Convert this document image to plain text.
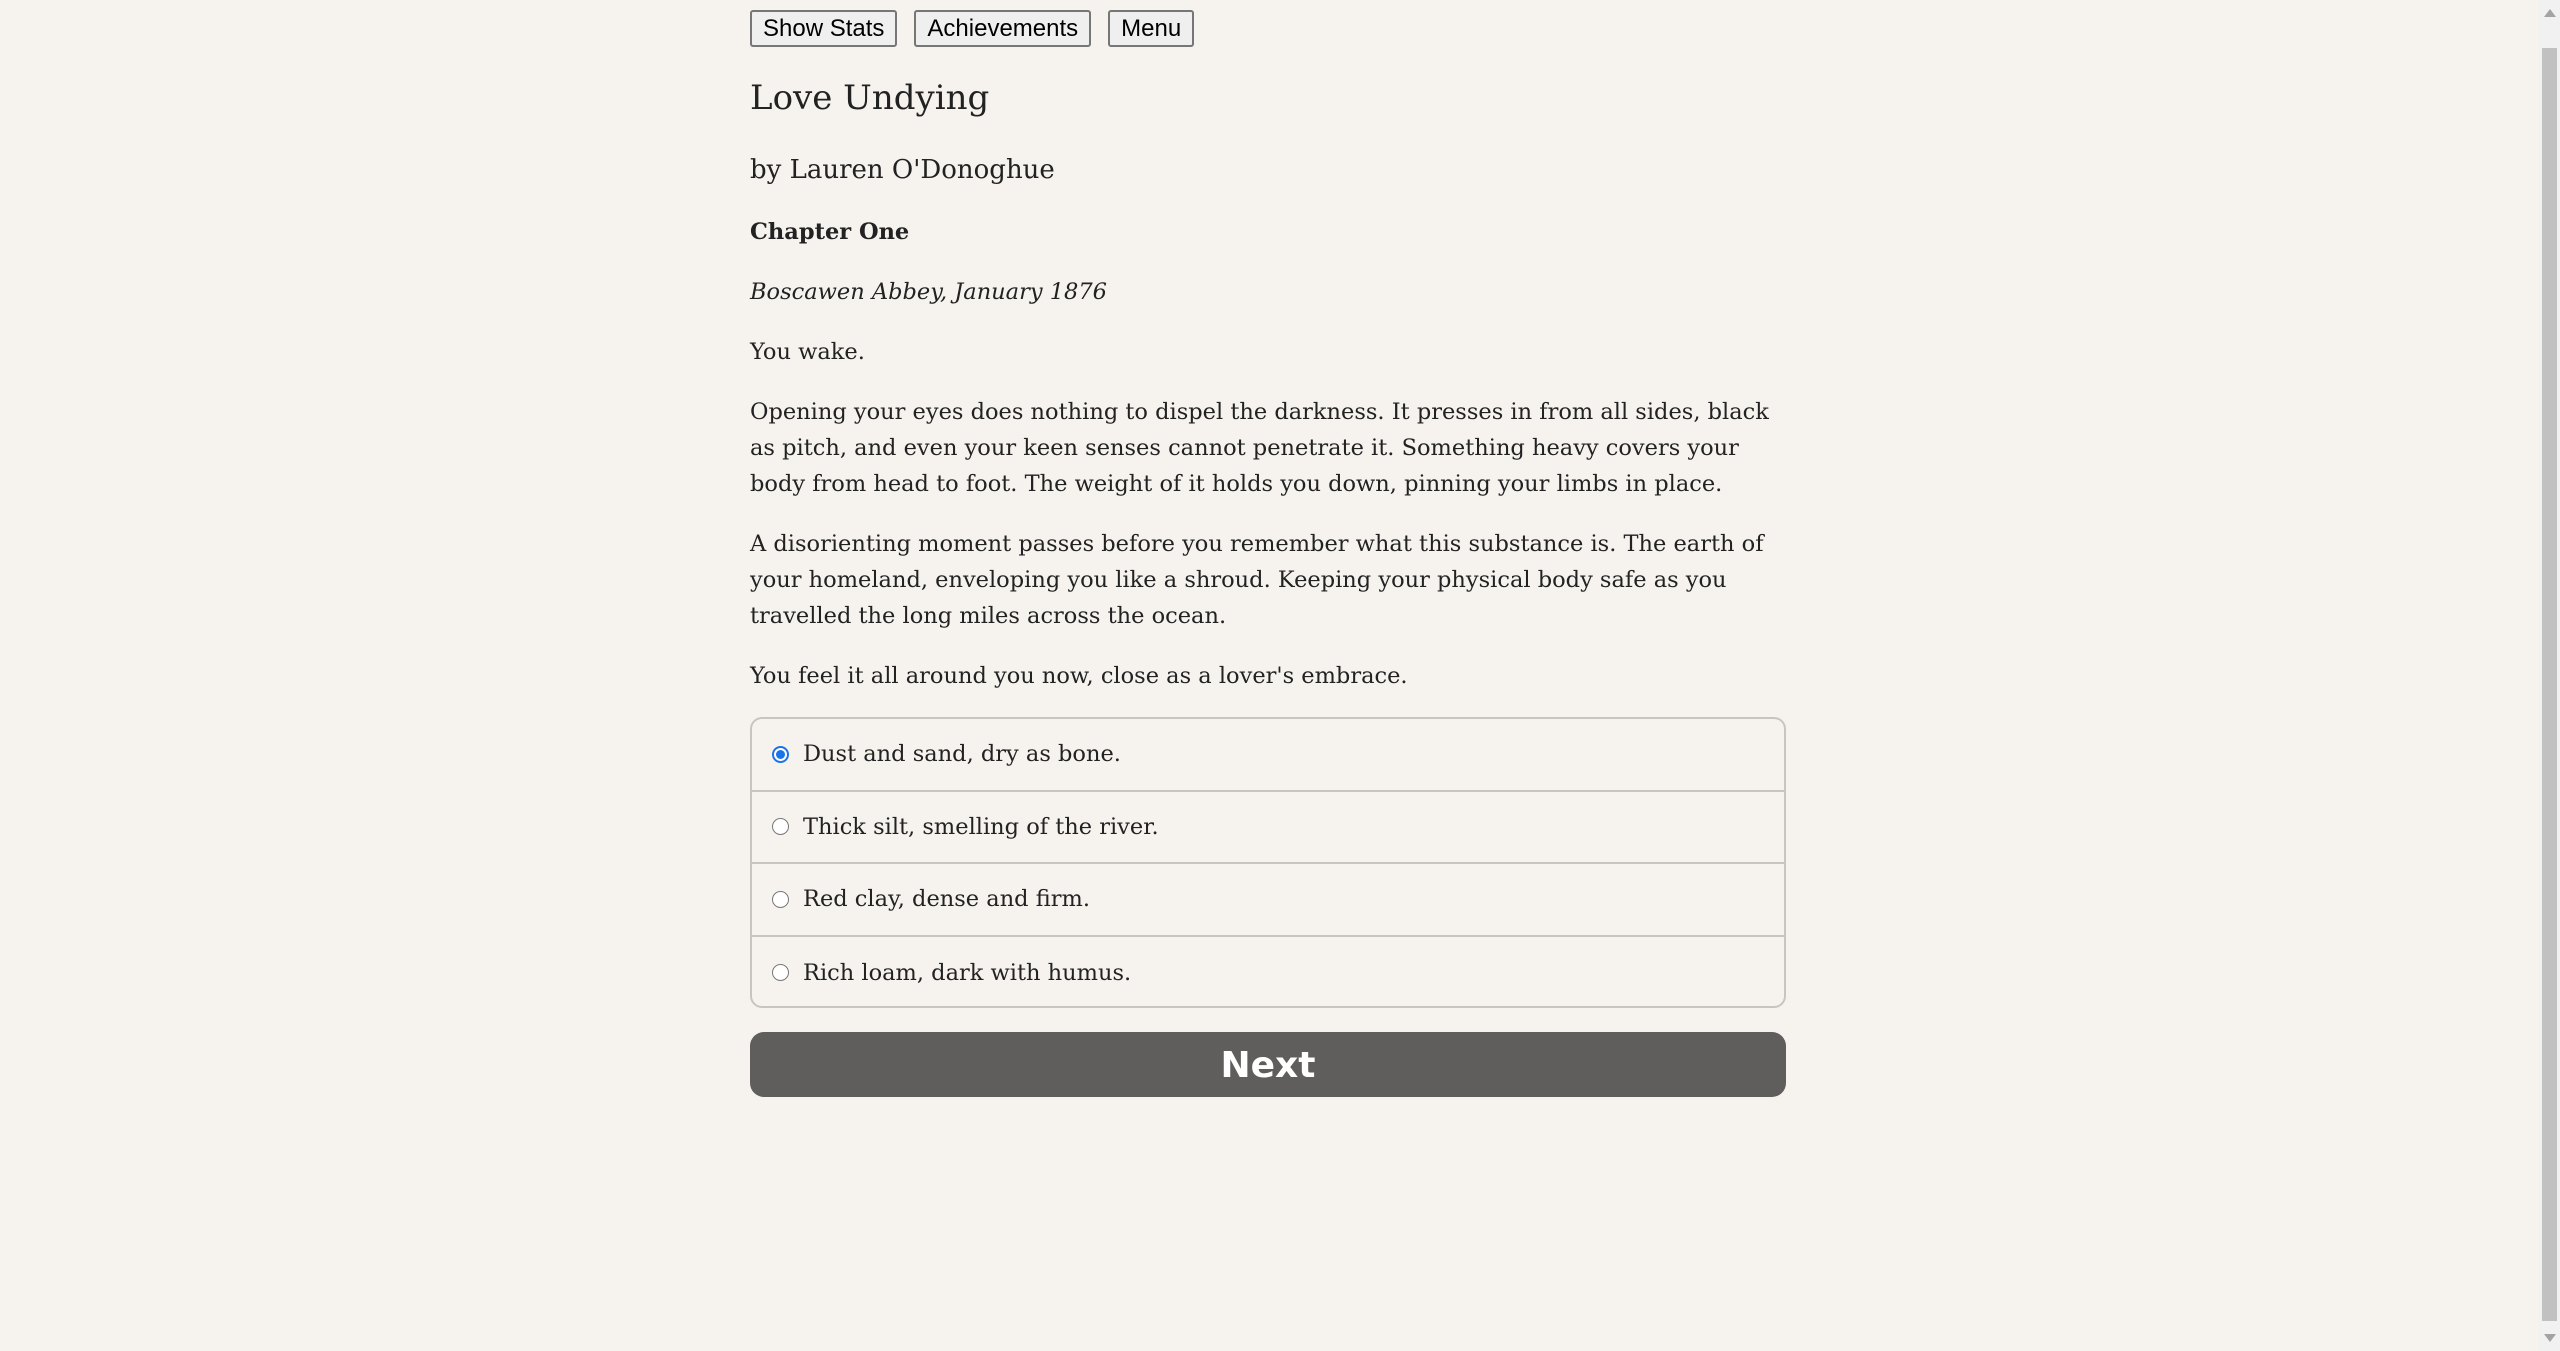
Show Stats	Achievements	Menu
Love Undying

by Lauren O'Donoghue

Chapter One

Boscawen Abbey, January 1876

You wake.

Opening your eyes does nothing to dispel the darkness. It presses in from all sides, black as pitch, and even your keen senses cannot penetrate it. Something heavy covers your body from head to foot. The weight of it holds you down, pinning your limbs in place.

A disorienting moment passes before you remember what this substance is. The earth of your homeland, enveloping you like a shroud. Keeping your physical body safe as you travelled the long miles across the ocean.

You feel it all around you now, close as a lover's embrace.

Dust and sand, dry as bone.
Thick silt, smelling of the river.
Red clay, dense and firm.
Rich loam, dark with humus.
Next
